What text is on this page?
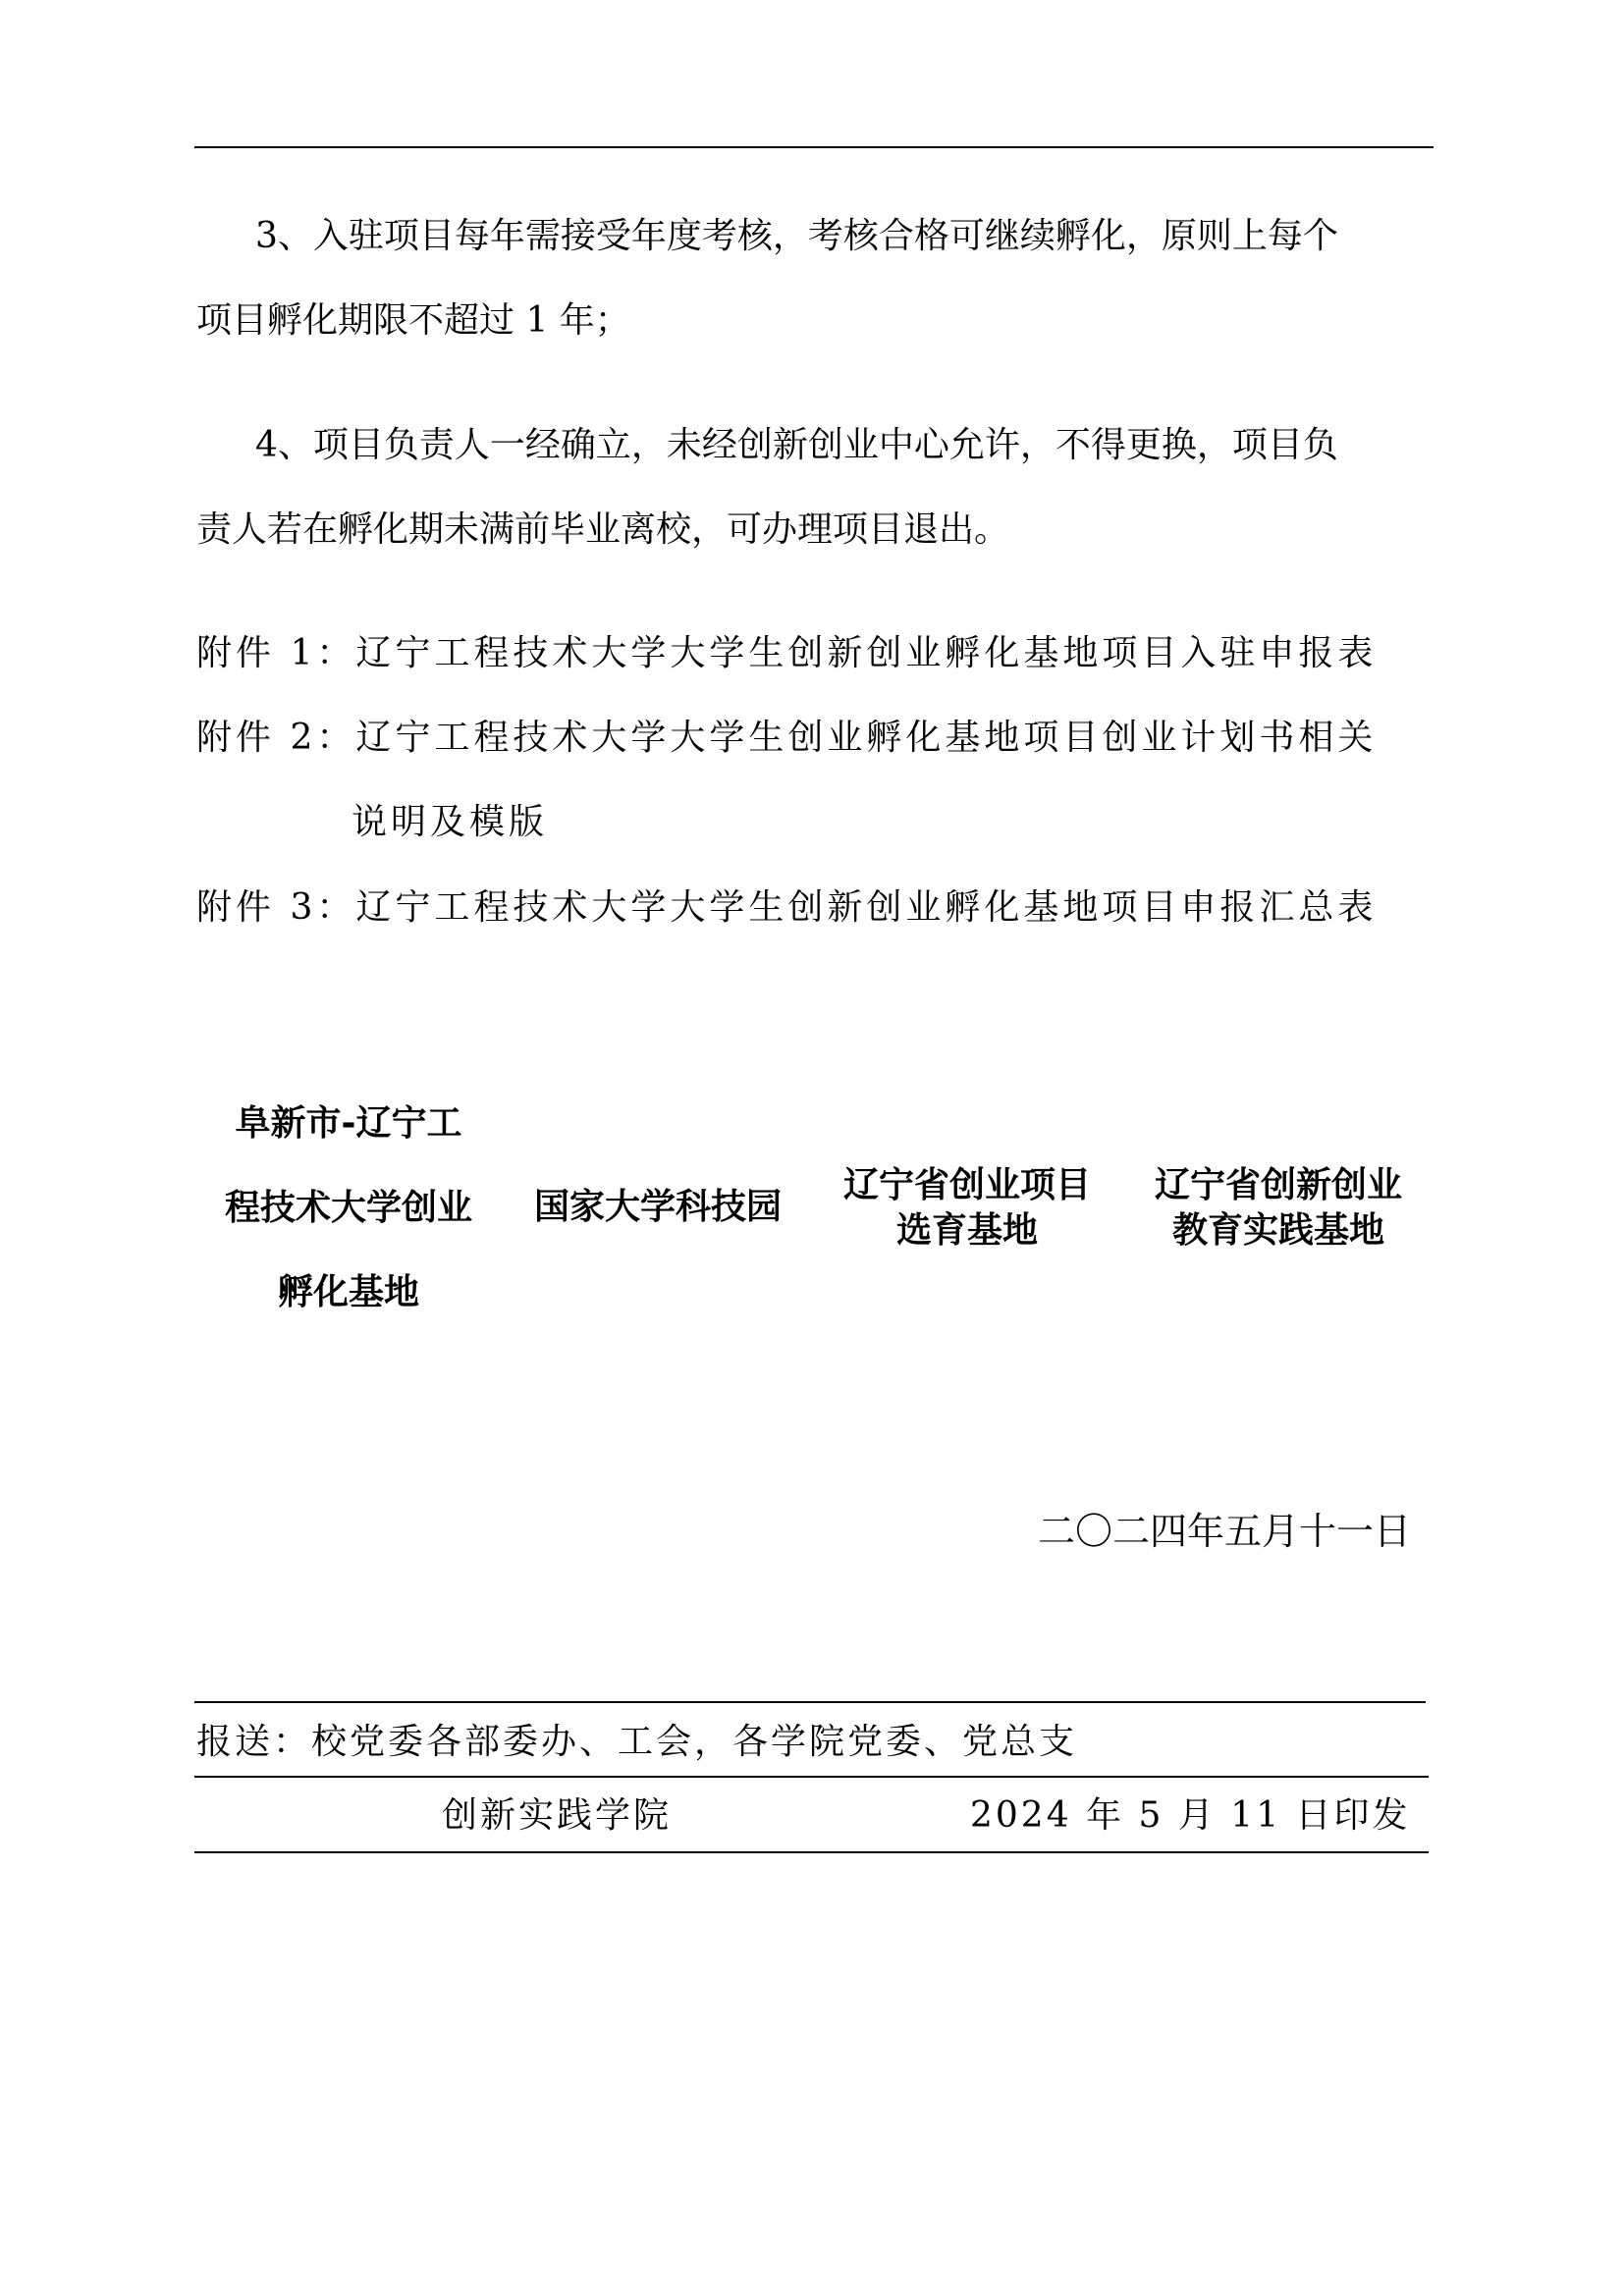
3、入驻项目每年需接受年度考核，考核合格可继续孵化，原则上每个
项目孵化期限不超过 1 年；

4、项目负责人一经确立，未经创新创业中心允许，不得更换，项目负
责人若在孵化期未满前毕业离校，可办理项目退出。

附件 1：辽宁工程技术大学大学生创新创业孵化基地项目入驻申报表
附件 2：辽宁工程技术大学大学生创业孵化基地项目创业计划书相关
说明及模版
附件 3：辽宁工程技术大学大学生创新创业孵化基地项目申报汇总表
阜新市-辽宁工
程技术大学创业
孵化基地
国家大学科技园
辽宁省创业项目
选育基地
辽宁省创新创业
教育实践基地
二〇二四年五月十一日
报送：校党委各部委办、工会，各学院党委、党总支
创新实践学院	2024 年 5 月 11 日印发
